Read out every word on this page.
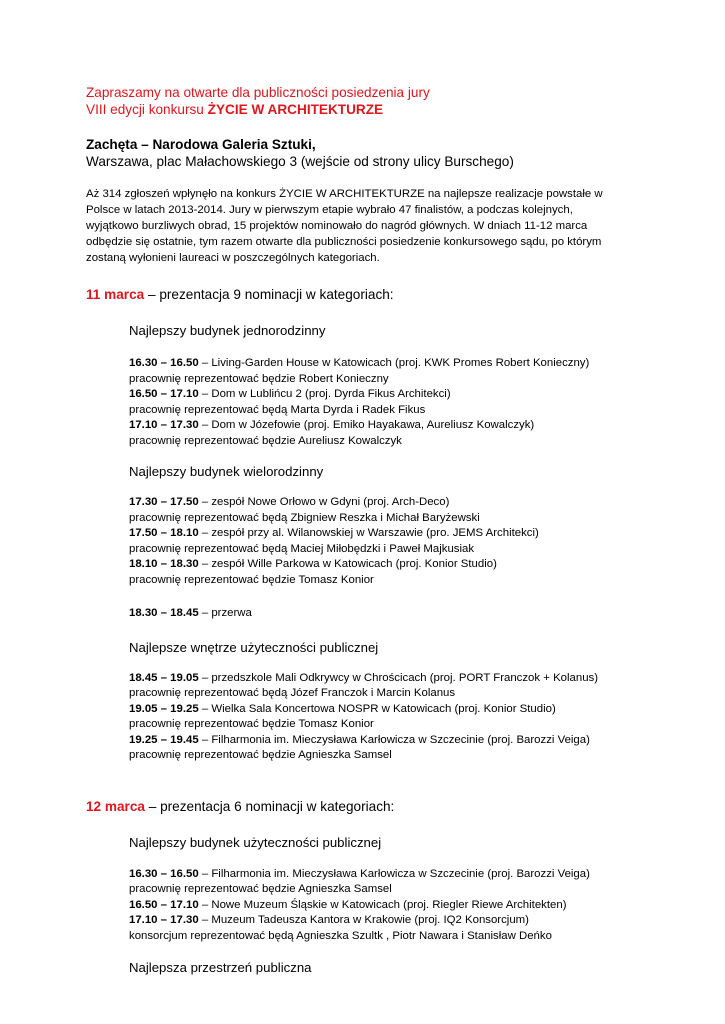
Zapraszamy na otwarte dla publiczności posiedzenia jury
VIII edycji konkursu ŻYCIE W ARCHITEKTURZE
Zachęta – Narodowa Galeria Sztuki,
Warszawa, plac Małachowskiego 3 (wejście od strony ulicy Burschego)
Aż 314 zgłoszeń wpłynęło na konkurs ŻYCIE W ARCHITEKTURZE na najlepsze realizacje powstałe w
Polsce w latach 2013-2014. Jury w pierwszym etapie wybrało 47 finalistów, a podczas kolejnych,
wyjątkowo burzliwych obrad, 15 projektów nominowało do nagród głównych. W dniach 11-12 marca
odbędzie się ostatnie, tym razem otwarte dla publiczności posiedzenie konkursowego sądu, po którym
zostaną wyłonieni laureaci w poszczególnych kategoriach.
11 marca – prezentacja 9 nominacji w kategoriach:
Najlepszy budynek jednorodzinny
16.30 – 16.50 – Living-Garden House w Katowicach (proj. KWK Promes Robert Konieczny)
pracownię reprezentować będzie Robert Konieczny
16.50 – 17.10 – Dom w Lublińcu 2 (proj. Dyrda Fikus Architekci)
pracownię reprezentować będą Marta Dyrda i Radek Fikus
17.10 – 17.30 – Dom w Józefowie (proj. Emiko Hayakawa, Aureliusz Kowalczyk)
pracownię reprezentować będzie Aureliusz Kowalczyk
Najlepszy budynek wielorodzinny
17.30 – 17.50 – zespół Nowe Orłowo w Gdyni (proj. Arch-Deco)
pracownię reprezentować będą Zbigniew Reszka i Michał Baryżewski
17.50 – 18.10 – zespół przy al. Wilanowskiej w Warszawie (pro. JEMS Architekci)
pracownię reprezentować będą Maciej Miłobędzki i Paweł Majkusiak
18.10 – 18.30 – zespół Wille Parkowa w Katowicach (proj. Konior Studio)
pracownię reprezentować będzie Tomasz Konior
18.30 – 18.45 – przerwa
Najlepsze wnętrze użyteczności publicznej
18.45 – 19.05 – przedszkole Mali Odkrywcy w Chrościcach (proj. PORT Franczok + Kolanus)
pracownię reprezentować będą Józef Franczok i Marcin Kolanus
19.05 – 19.25 – Wielka Sala Koncertowa NOSPR w Katowicach (proj. Konior Studio)
pracownię reprezentować będzie Tomasz Konior
19.25 – 19.45 – Filharmonia im. Mieczysława Karłowicza w Szczecinie (proj. Barozzi Veiga)
pracownię reprezentować będzie Agnieszka Samsel
12 marca – prezentacja 6 nominacji w kategoriach:
Najlepszy budynek użyteczności publicznej
16.30 – 16.50 – Filharmonia im. Mieczysława Karłowicza w Szczecinie (proj. Barozzi Veiga)
pracownię reprezentować będzie Agnieszka Samsel
16.50 – 17.10 – Nowe Muzeum Śląskie w Katowicach (proj. Riegler Riewe Architekten)
17.10 – 17.30 – Muzeum Tadeusza Kantora w Krakowie (proj. IQ2 Konsorcjum)
konsorcjum reprezentować będą Agnieszka Szultk , Piotr Nawara i Stanisław Deńko
Najlepsza przestrzeń publiczna
